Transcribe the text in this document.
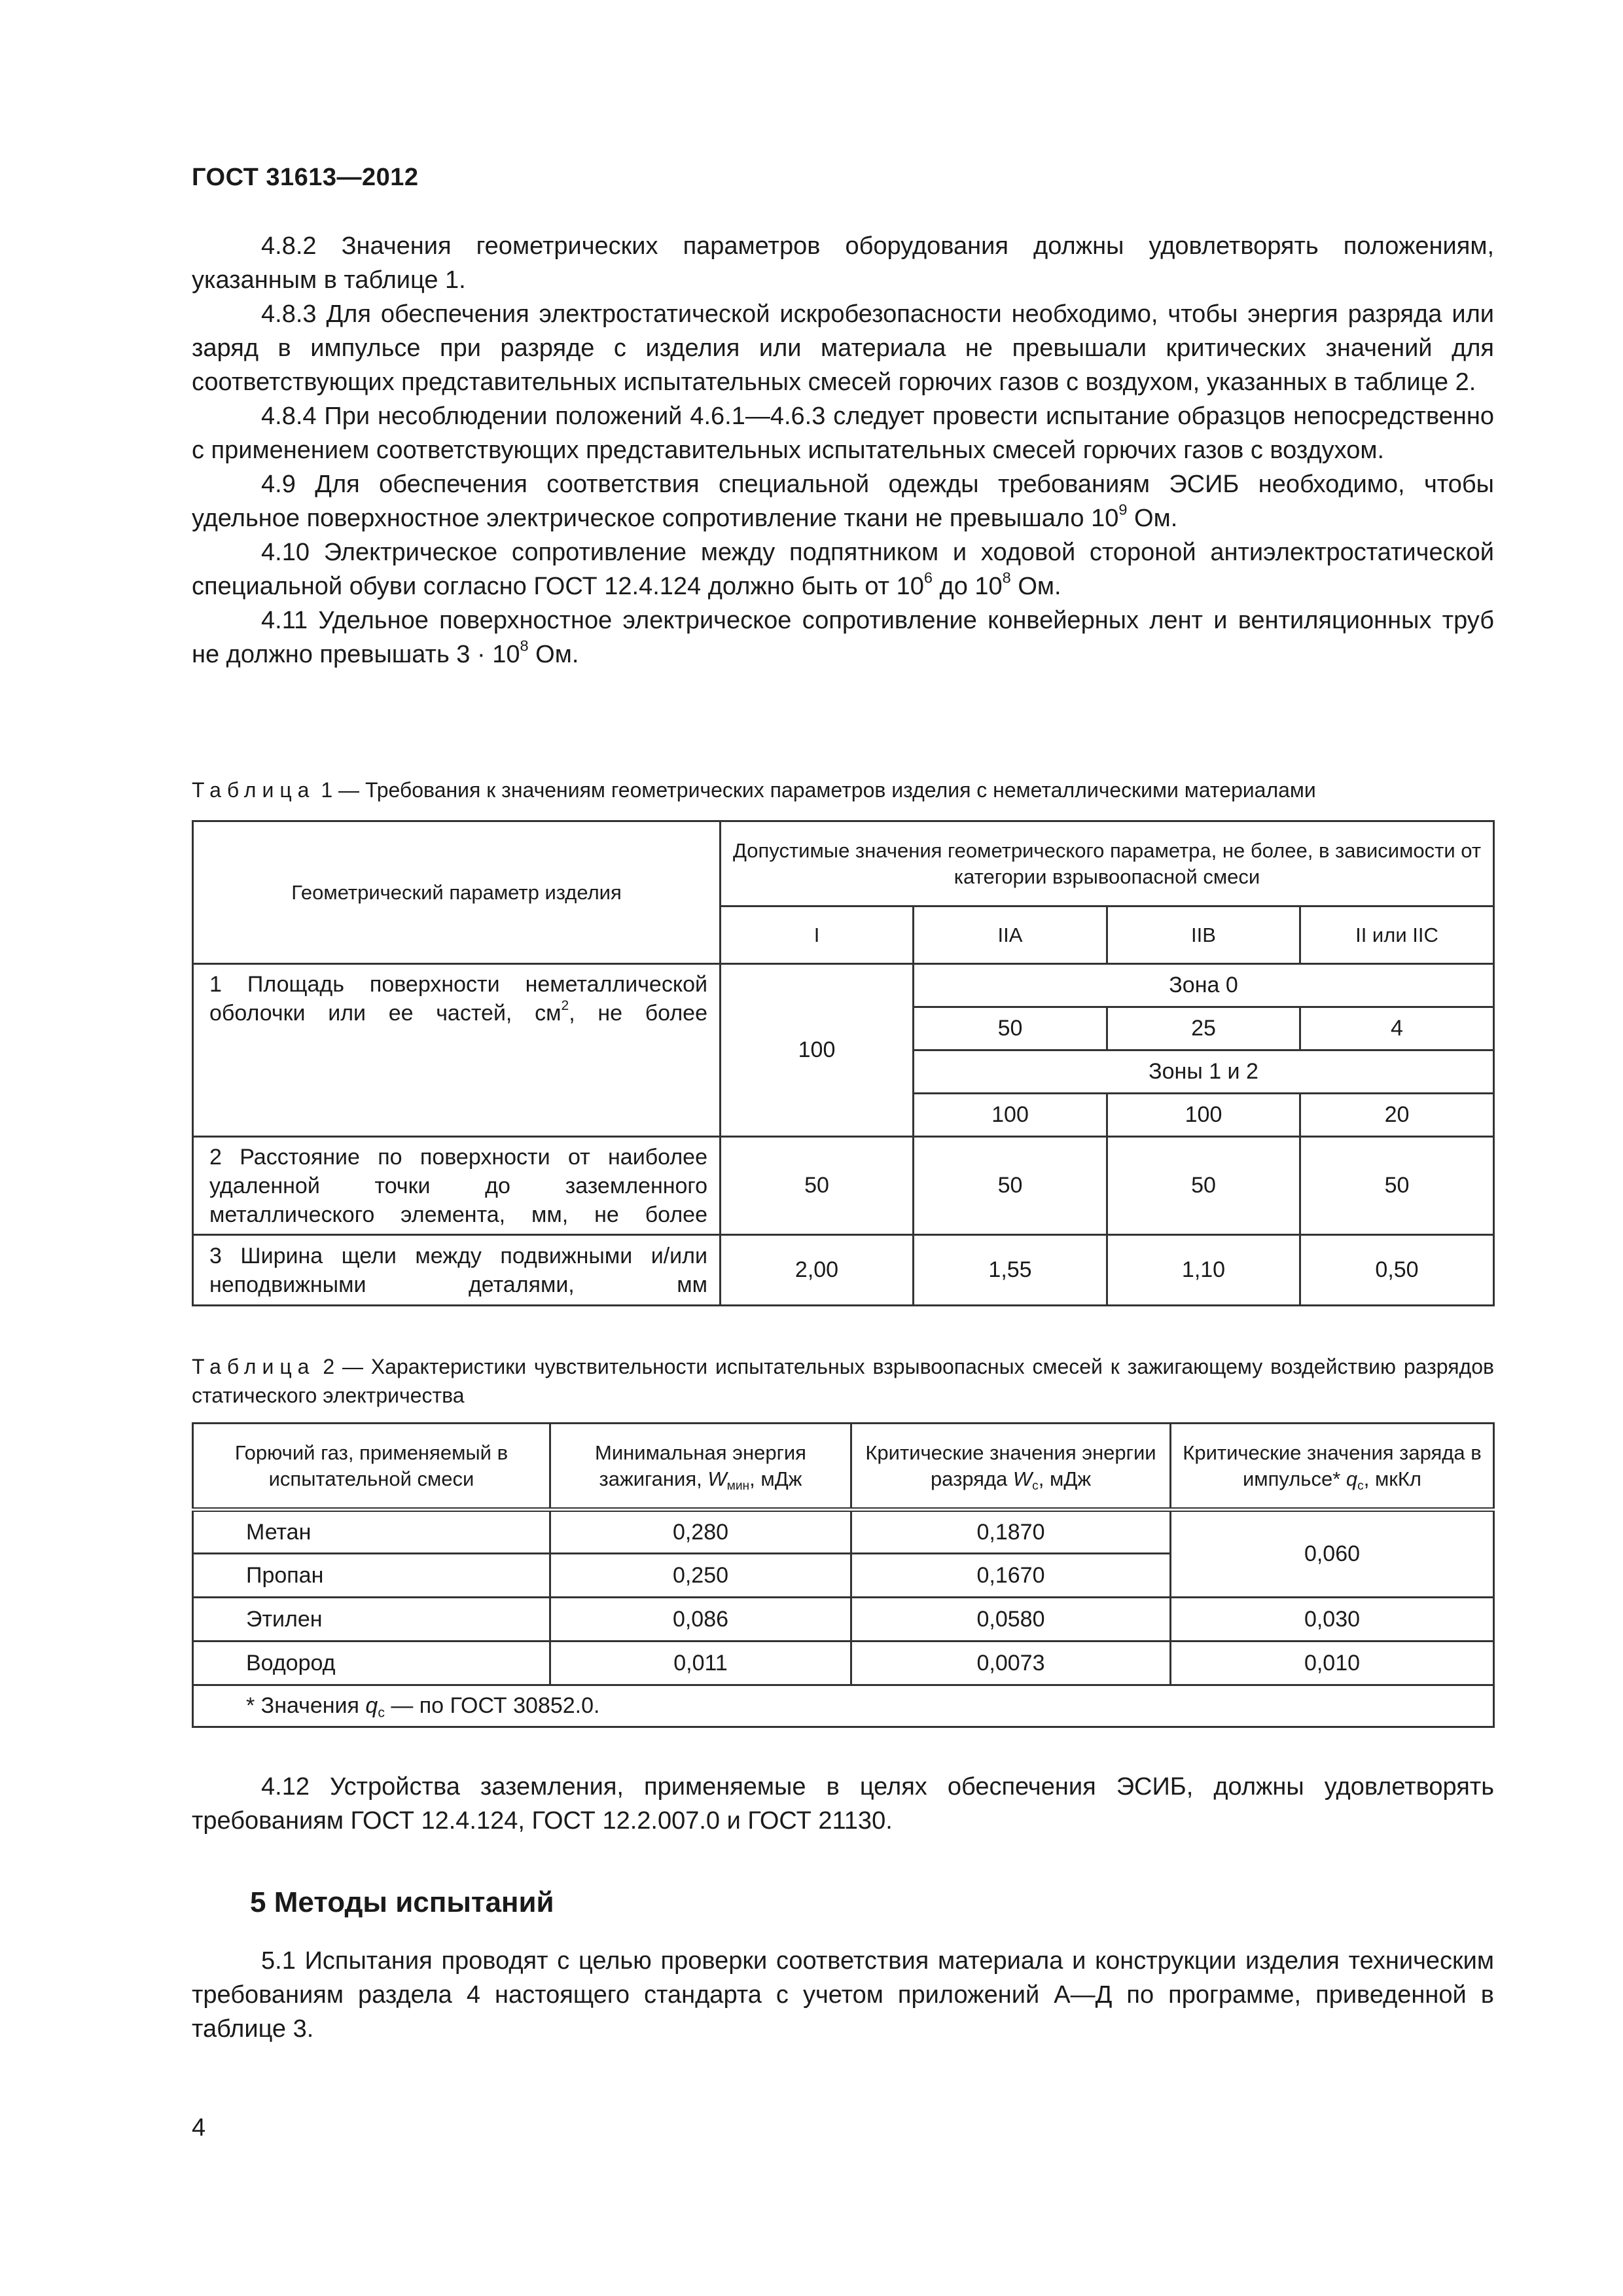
ГОСТ 31613—2012

4.8.2 Значения геометрических параметров оборудования должны удовлетворять положениям, указанным в таблице 1.

4.8.3 Для обеспечения электростатической искробезопасности необходимо, чтобы энергия разряда или заряд в импульсе при разряде с изделия или материала не превышали критических значений для соответствующих представительных испытательных смесей горючих газов с воздухом, указанных в таблице 2.

4.8.4 При несоблюдении положений 4.6.1—4.6.3 следует провести испытание образцов непосредственно с применением соответствующих представительных испытательных смесей горючих газов с воздухом.

4.9 Для обеспечения соответствия специальной одежды требованиям ЭСИБ необходимо, чтобы удельное поверхностное электрическое сопротивление ткани не превышало $10^9$ Ом.

4.10 Электрическое сопротивление между подпятником и ходовой стороной антиэлектростатической специальной обуви согласно ГОСТ 12.4.124 должно быть от $10^6$ до $10^8$ Ом.

4.11 Удельное поверхностное электрическое сопротивление конвейерных лент и вентиляционных труб не должно превышать $3 \cdot 10^8$ Ом.

Таблица 1 — Требования к значениям геометрических параметров изделия с неметаллическими материалами
Геометрический параметр изделия	Допустимые значения геометрического параметра, не более, в зависимости от категории взрывоопасной смеси			
	I	IIA	IIB	II или IIC
1 Площадь поверхности неметаллической оболочки или ее частей, $см^2$, не более	100	Зона 0		
		50	25	4
		Зоны 1 и 2		
		100	100	20
2 Расстояние по поверхности от наиболее удаленной точки до заземленного металлического элемента, мм, не более	50	50	50	50
3 Ширина щели между подвижными и/или неподвижными деталями, мм	2,00	1,55	1,10	0,50
Таблица 2 — Характеристики чувствительности испытательных взрывоопасных смесей к зажигающему воздействию разрядов статического электричества
Горючий газ, применяемый в испытательной смеси	Минимальная энергия зажигания, $W_{мин}$, мДж	Критические значения энергии разряда $W_c$, мДж	Критические значения заряда в импульсе* $q_c$, мкКл
Метан	0,280	0,1870	0,060
Пропан	0,250	0,1670	
Этилен	0,086	0,0580	0,030
Водород	0,011	0,0073	0,010
* Значения $q_c$ — по ГОСТ 30852.0.			

4.12 Устройства заземления, применяемые в целях обеспечения ЭСИБ, должны удовлетворять требованиям ГОСТ 12.4.124, ГОСТ 12.2.007.0 и ГОСТ 21130.

5 Методы испытаний

5.1 Испытания проводят с целью проверки соответствия материала и конструкции изделия техническим требованиям раздела 4 настоящего стандарта с учетом приложений А—Д по программе, приведенной в таблице 3.

4
